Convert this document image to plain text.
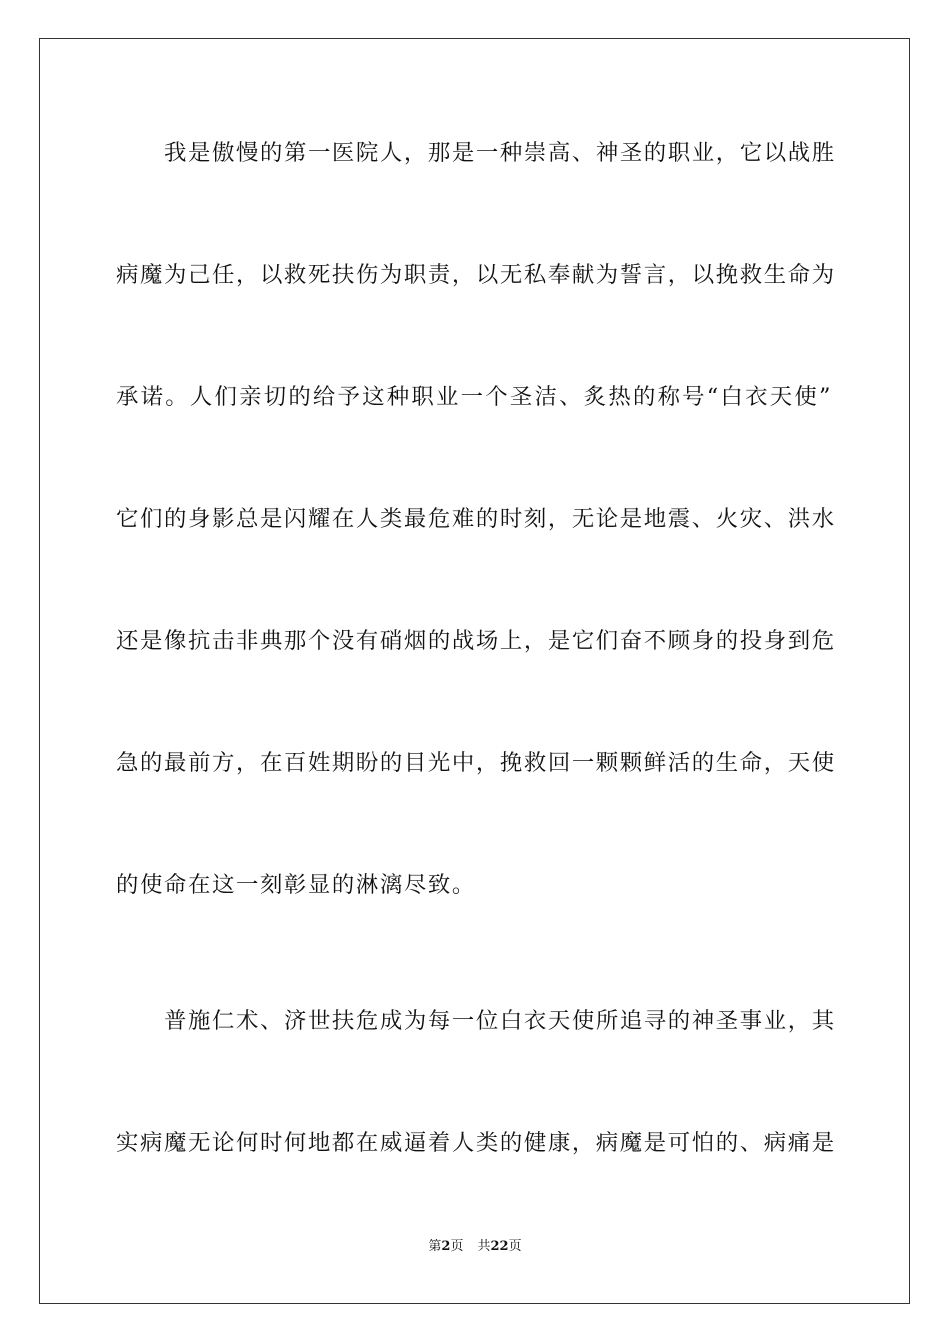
我是傲慢的第一医院人，那是一种崇高、神圣的职业，它以战胜
病魔为己任，以救死扶伤为职责，以无私奉献为誓言，以挽救生命为
承诺。人们亲切的给予这种职业一个圣洁、炙热的称号“白衣天使”
它们的身影总是闪耀在人类最危难的时刻，无论是地震、火灾、洪水
还是像抗击非典那个没有硝烟的战场上，是它们奋不顾身的投身到危
急的最前方，在百姓期盼的目光中，挽救回一颗颗鲜活的生命，天使
的使命在这一刻彰显的淋漓尽致。
普施仁术、济世扶危成为每一位白衣天使所追寻的神圣事业，其
实病魔无论何时何地都在威逼着人类的健康，病魔是可怕的、病痛是
第2页 共22页
